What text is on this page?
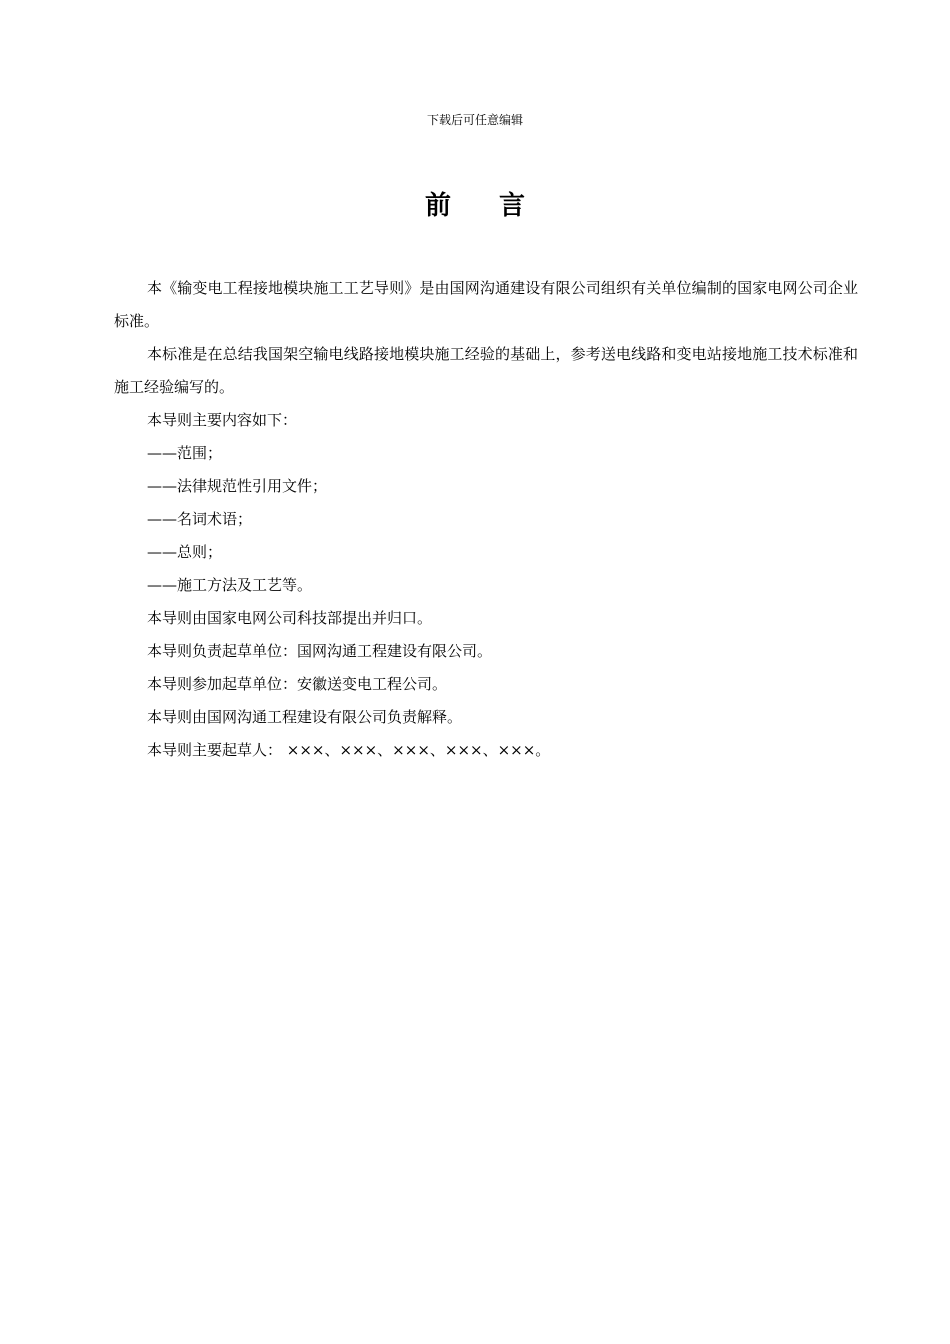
下载后可任意编辑
前言

本《输变电工程接地模块施工工艺导则》是由国网沟通建设有限公司组织有关单位编制的国家电网公司企业标准。

本标准是在总结我国架空输电线路接地模块施工经验的基础上，参考送电线路和变电站接地施工技术标准和施工经验编写的。

本导则主要内容如下：

——范围；

——法律规范性引用文件；

——名词术语；

——总则；

——施工方法及工艺等。

本导则由国家电网公司科技部提出并归口。

本导则负责起草单位：国网沟通工程建设有限公司。

本导则参加起草单位：安徽送变电工程公司。

本导则由国网沟通工程建设有限公司负责解释。

本导则主要起草人： ×××、×××、×××、×××、×××。
